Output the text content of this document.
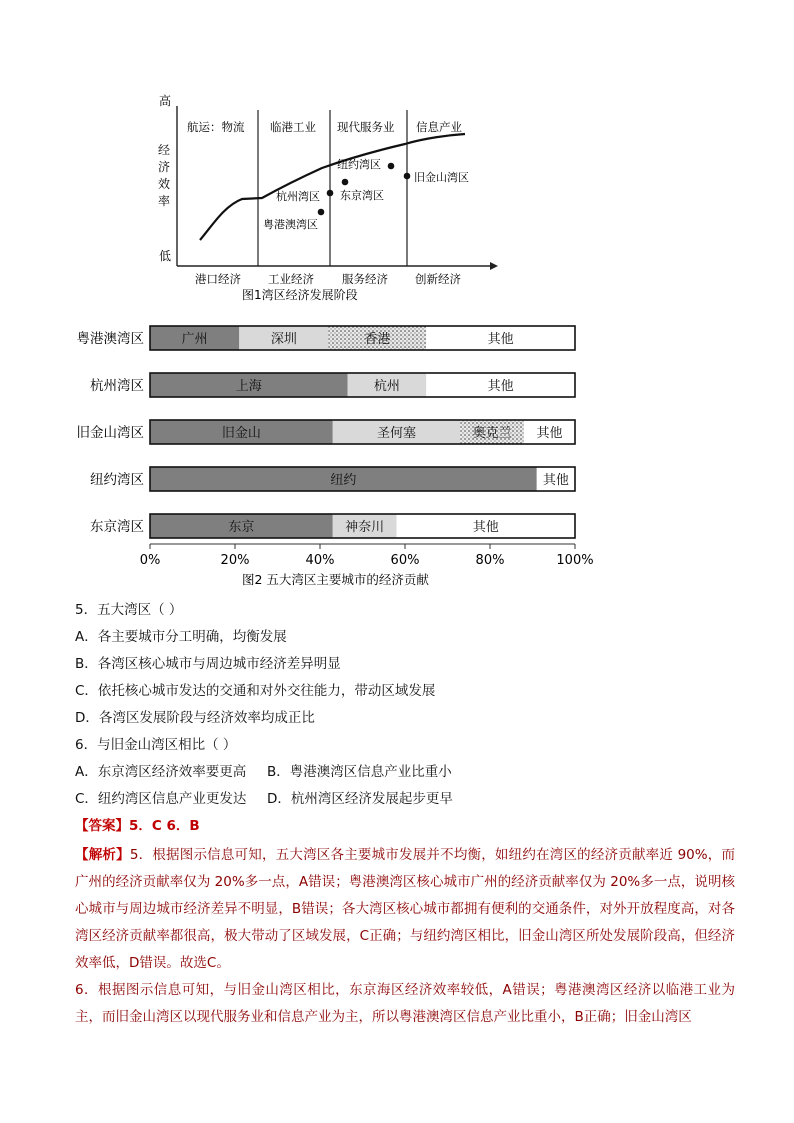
高
经济效率
低
航运：物流 临港工业 现代服务业 信息产业
港口经济 工业经济 服务经济 创新经济
纽约湾区
东京湾区
杭州湾区
粤港澳湾区
旧金山湾区
图1湾区经济发展阶段
粤港澳湾区	广州	深圳	香港	其他
杭州湾区	上海	杭州	其他
旧金山湾区	旧金山	圣何塞	奥克兰 其他
纽约湾区	纽约	其他
东京湾区	东京	神奈川	其他
0%	20%	40%	60%	80%	100%
图2 五大湾区主要城市的经济贡献
5．五大湾区（ ）
A．各主要城市分工明确，均衡发展
B．各湾区核心城市与周边城市经济差异明显
C．依托核心城市发达的交通和对外交往能力，带动区域发展
D．各湾区发展阶段与经济效率均成正比
6．与旧金山湾区相比（ ）
A．东京湾区经济效率要更高 B．粤港澳湾区信息产业比重小
C．纽约湾区信息产业更发达 D．杭州湾区经济发展起步更早
【答案】5．C 6．B
【解析】5．根据图示信息可知，五大湾区各主要城市发展并不均衡，如纽约在湾区的经济贡献率近 90%，而广州的经济贡献率仅为 20%多一点，A错误；粤港澳湾区核心城市广州的经济贡献率仅为 20%多一点，说明核心城市与周边城市经济差异不明显，B错误；各大湾区核心城市都拥有便利的交通条件，对外开放程度高，对各湾区经济贡献率都很高，极大带动了区域发展，C正确；与纽约湾区相比，旧金山湾区所处发展阶段高，但经济效率低，D错误。故选C。
6．根据图示信息可知，与旧金山湾区相比，东京海区经济效率较低，A错误；粤港澳湾区经济以临港工业为主，而旧金山湾区以现代服务业和信息产业为主，所以粤港澳湾区信息产业比重小，B正确；旧金山湾区
